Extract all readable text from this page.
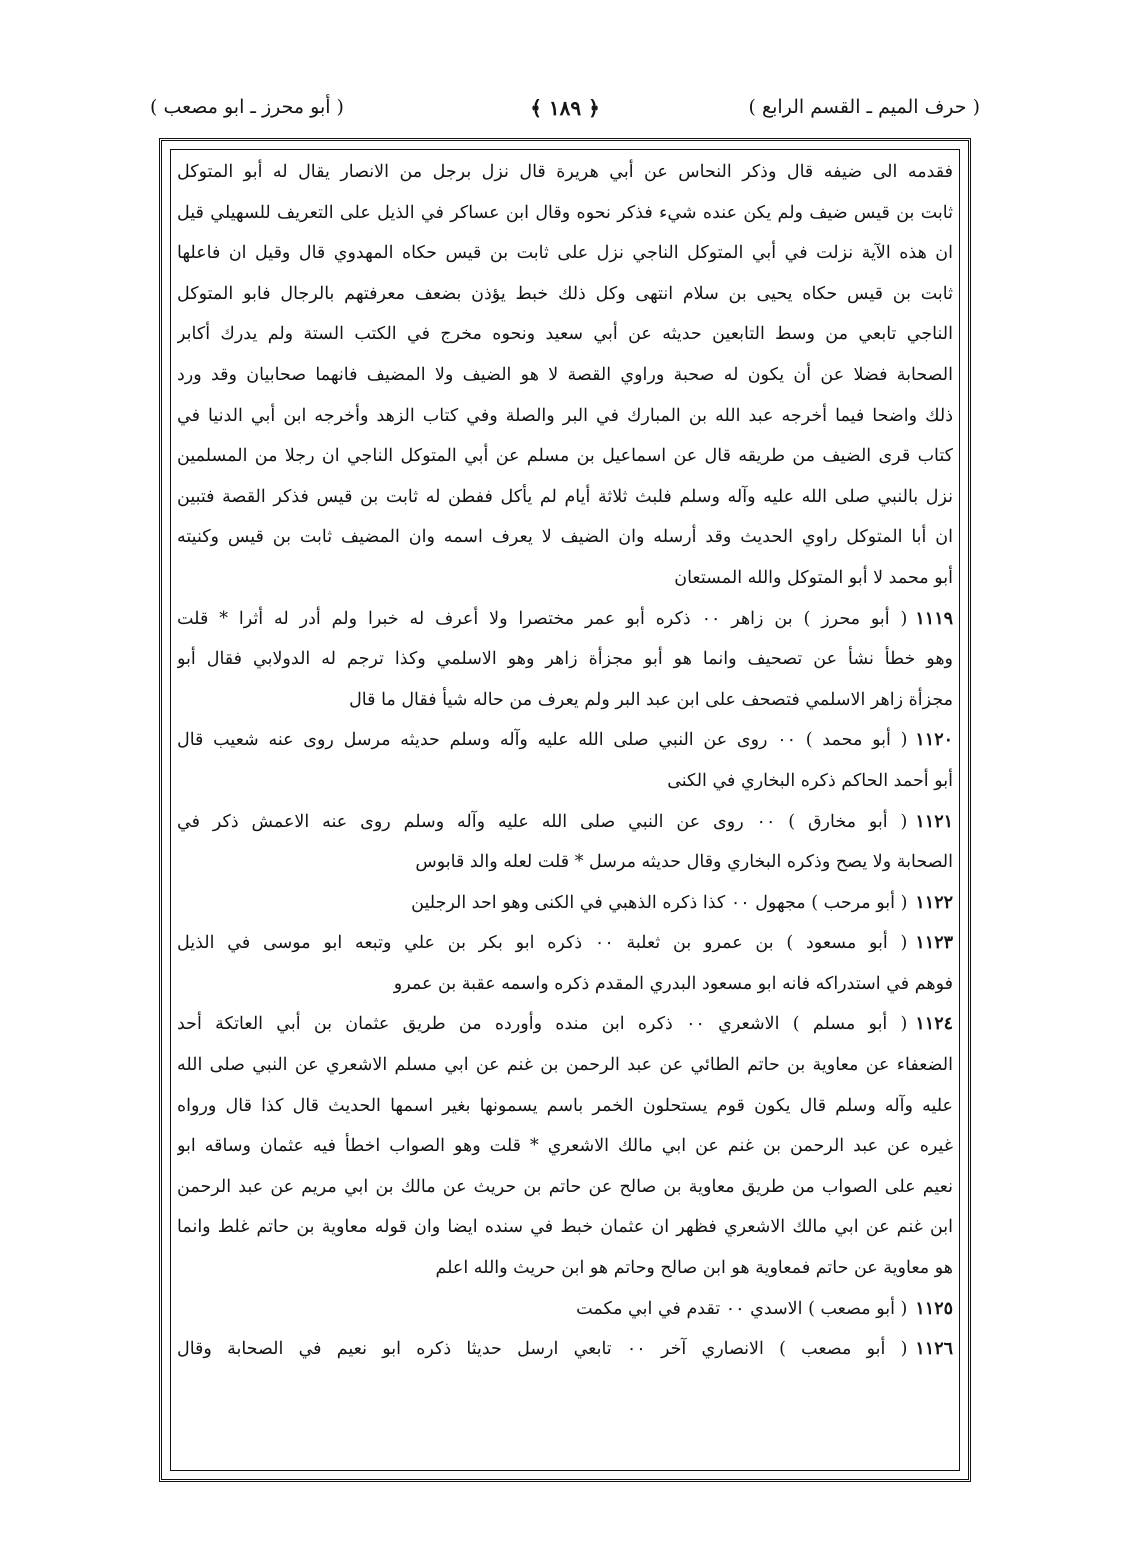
( حرف الميم ـ القسم الرابع )
﴿ ١٨٩ ﴾
( أبو محرز ـ ابو مصعب )
فقدمه الى ضيفه قال وذكر النحاس عن أبي هريرة قال نزل برجل من الانصار يقال له أبو المتوكل
ثابت بن قيس ضيف ولم يكن عنده شيء فذكر نحوه وقال ابن عساكر في الذيل على التعريف للسهيلي قيل
ان هذه الآية نزلت في أبي المتوكل الناجي نزل على ثابت بن قيس حكاه المهدوي قال وقيل ان فاعلها
ثابت بن قيس حكاه يحيى بن سلام انتهى وكل ذلك خبط يؤذن بضعف معرفتهم بالرجال فابو المتوكل
الناجي تابعي من وسط التابعين حديثه عن أبي سعيد ونحوه مخرج في الكتب الستة ولم يدرك أكابر
الصحابة فضلا عن أن يكون له صحبة وراوي القصة لا هو الضيف ولا المضيف فانهما صحابيان وقد ورد
ذلك واضحا فيما أخرجه عبد الله بن المبارك في البر والصلة وفي كتاب الزهد وأخرجه ابن أبي الدنيا في
كتاب قرى الضيف من طريقه قال عن اسماعيل بن مسلم عن أبي المتوكل الناجي ان رجلا من المسلمين
نزل بالنبي صلى الله عليه وآله وسلم فلبث ثلاثة أيام لم يأكل ففطن له ثابت بن قيس فذكر القصة فتبين
ان أبا المتوكل راوي الحديث وقد أرسله وان الضيف لا يعرف اسمه وان المضيف ثابت بن قيس وكنيته
أبو محمد لا أبو المتوكل والله المستعان
١١١٩( أبو محرز ) بن زاهر ٠٠ ذكره أبو عمر مختصرا ولا أعرف له خبرا ولم أدر له أثرا * قلت
وهو خطأ نشأ عن تصحيف وانما هو أبو مجزأة زاهر وهو الاسلمي وكذا ترجم له الدولابي فقال أبو
مجزأة زاهر الاسلمي فتصحف على ابن عبد البر ولم يعرف من حاله شيأ فقال ما قال
١١٢٠( أبو محمد ) ٠٠ روى عن النبي صلى الله عليه وآله وسلم حديثه مرسل روى عنه شعيب قال
أبو أحمد الحاكم ذكره البخاري في الكنى
١١٢١( أبو مخارق ) ٠٠ روى عن النبي صلى الله عليه وآله وسلم روى عنه الاعمش ذكر في
الصحابة ولا يصح وذكره البخاري وقال حديثه مرسل * قلت لعله والد قابوس
١١٢٢( أبو مرحب ) مجهول ٠٠ كذا ذكره الذهبي في الكنى وهو احد الرجلين
١١٢٣( أبو مسعود ) بن عمرو بن ثعلبة ٠٠ ذكره ابو بكر بن علي وتبعه ابو موسى في الذيل
فوهم في استدراكه فانه ابو مسعود البدري المقدم ذكره واسمه عقبة بن عمرو
١١٢٤( أبو مسلم ) الاشعري ٠٠ ذكره ابن منده وأورده من طريق عثمان بن أبي العاتكة أحد
الضعفاء عن معاوية بن حاتم الطائي عن عبد الرحمن بن غنم عن ابي مسلم الاشعري عن النبي صلى الله
عليه وآله وسلم قال يكون قوم يستحلون الخمر باسم يسمونها بغير اسمها الحديث قال كذا قال ورواه
غيره عن عبد الرحمن بن غنم عن ابي مالك الاشعري * قلت وهو الصواب اخطأ فيه عثمان وساقه ابو
نعيم على الصواب من طريق معاوية بن صالح عن حاتم بن حريث عن مالك بن ابي مريم عن عبد الرحمن
ابن غنم عن ابي مالك الاشعري فظهر ان عثمان خبط في سنده ايضا وان قوله معاوية بن حاتم غلط وانما
هو معاوية عن حاتم فمعاوية هو ابن صالح وحاتم هو ابن حريث والله اعلم
١١٢٥( أبو مصعب ) الاسدي ٠٠ تقدم في ابي مكمت
١١٢٦( أبو مصعب ) الانصاري آخر ٠٠ تابعي ارسل حديثا ذكره ابو نعيم في الصحابة وقال
